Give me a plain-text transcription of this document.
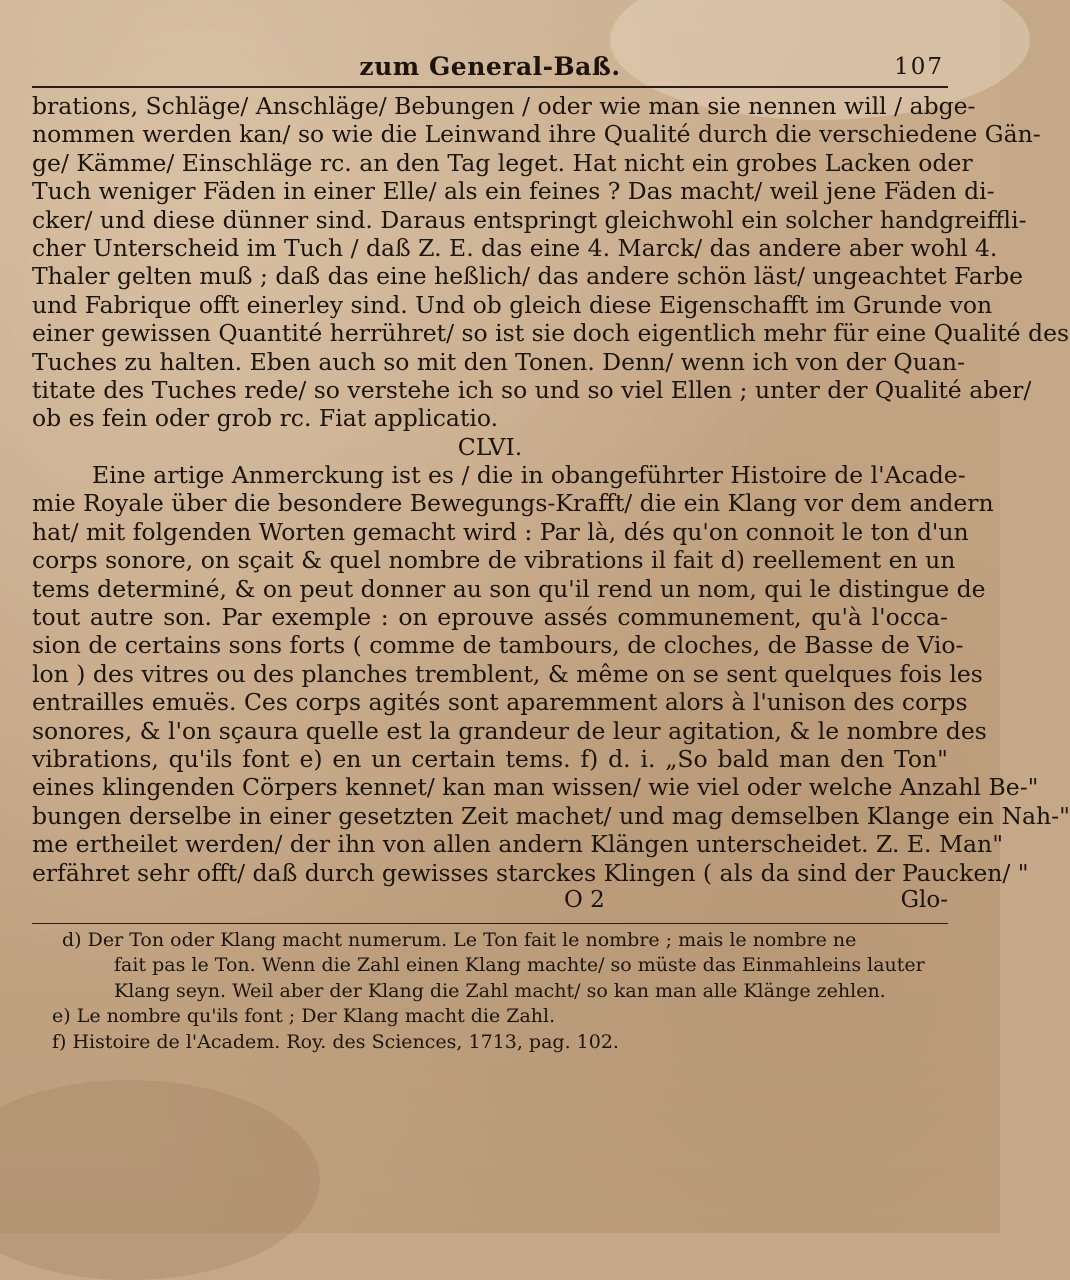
zum General-Baß.	107
brations, Schläge/ Anschläge/ Bebungen / oder wie man sie nennen will / abge-
nommen werden kan/ so wie die Leinwand ihre Qualité durch die verschiedene Gän-
ge/ Kämme/ Einschläge rc. an den Tag leget. Hat nicht ein grobes Lacken oder
Tuch weniger Fäden in einer Elle/ als ein feines ? Das macht/ weil jene Fäden di-
cker/ und diese dünner sind. Daraus entspringt gleichwohl ein solcher handgreiffli-
cher Unterscheid im Tuch / daß Z. E. das eine 4. Marck/ das andere aber wohl 4.
Thaler gelten muß ; daß das eine heßlich/ das andere schön läst/ ungeachtet Farbe
und Fabrique offt einerley sind. Und ob gleich diese Eigenschafft im Grunde von
einer gewissen Quantité herrühret/ so ist sie doch eigentlich mehr für eine Qualité des
Tuches zu halten. Eben auch so mit den Tonen. Denn/ wenn ich von der Quan-
titate des Tuches rede/ so verstehe ich so und so viel Ellen ; unter der Qualité aber/
ob es fein oder grob rc. Fiat applicatio.
CLVI.
Eine artige Anmerckung ist es / die in obangeführter Histoire de l'Acade-
mie Royale über die besondere Bewegungs-Krafft/ die ein Klang vor dem andern
hat/ mit folgenden Worten gemacht wird : Par là, dés qu'on connoit le ton d'un
corps sonore, on sçait & quel nombre de vibrations il fait d) reellement en un
tems determiné, & on peut donner au son qu'il rend un nom, qui le distingue de
tout autre son. Par exemple : on eprouve assés communement, qu'à l'occa-
sion de certains sons forts ( comme de tambours, de cloches, de Basse de Vio-
lon ) des vitres ou des planches tremblent, & même on se sent quelques fois les
entrailles emuës. Ces corps agités sont aparemment alors à l'unison des corps
sonores, & l'on sçaura quelle est la grandeur de leur agitation, & le nombre des
vibrations, qu'ils font e) en un certain tems. f) d. i. „So bald man den Ton"
eines klingenden Cörpers kennet/ kan man wissen/ wie viel oder welche Anzahl Be-"
bungen derselbe in einer gesetzten Zeit machet/ und mag demselben Klange ein Nah-"
me ertheilet werden/ der ihn von allen andern Klängen unterscheidet. Z. E. Man"
erfähret sehr offt/ daß durch gewisses starckes Klingen ( als da sind der Paucken/ "
O 2	Glo-
d) Der Ton oder Klang macht numerum. Le Ton fait le nombre ; mais le nombre ne
fait pas le Ton. Wenn die Zahl einen Klang machte/ so müste das Einmahleins lauter
Klang seyn. Weil aber der Klang die Zahl macht/ so kan man alle Klänge zehlen.
e) Le nombre qu'ils font ; Der Klang macht die Zahl.
f) Histoire de l'Academ. Roy. des Sciences, 1713, pag. 102.
